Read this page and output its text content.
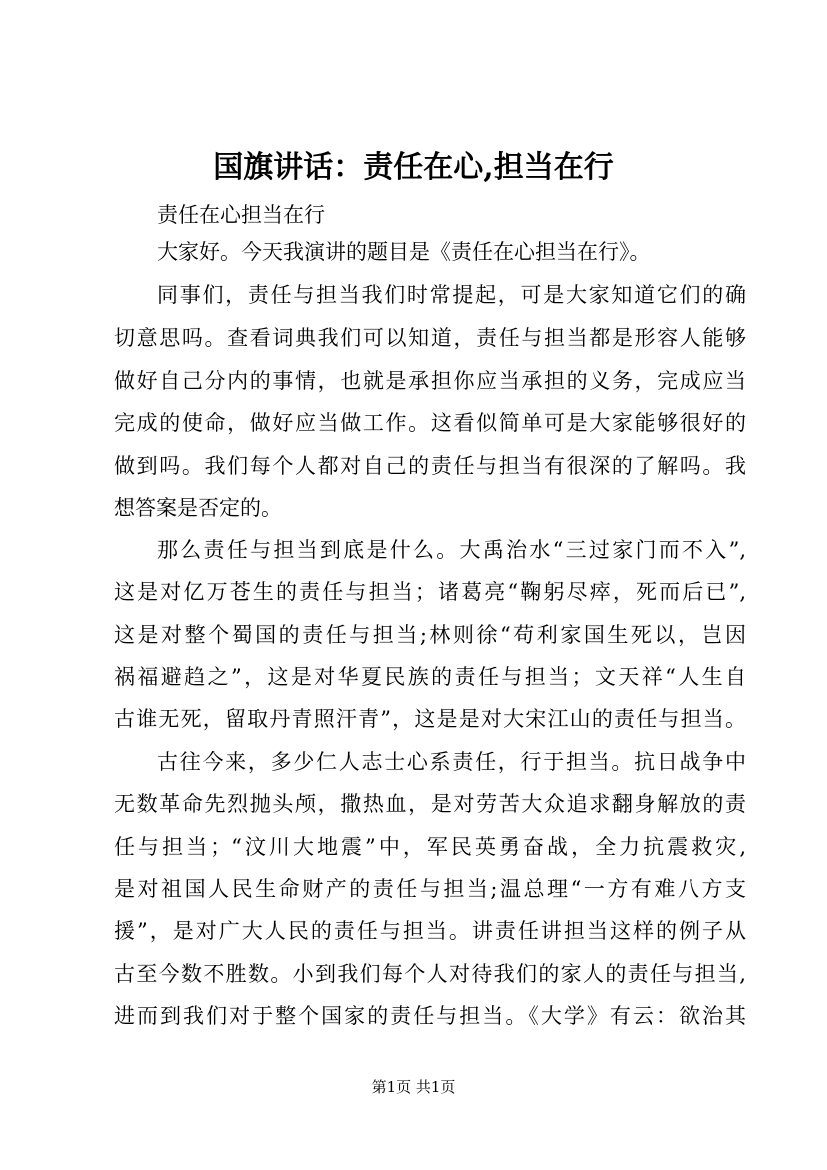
国旗讲话：责任在心,担当在行
责任在心担当在行
大家好。今天我演讲的题目是《责任在心担当在行》。
同事们，责任与担当我们时常提起，可是大家知道它们的确
切意思吗。查看词典我们可以知道，责任与担当都是形容人能够
做好自己分内的事情，也就是承担你应当承担的义务，完成应当
完成的使命，做好应当做工作。这看似简单可是大家能够很好的
做到吗。我们每个人都对自己的责任与担当有很深的了解吗。我
想答案是否定的。
那么责任与担当到底是什么。大禹治水“三过家门而不入”,
这是对亿万苍生的责任与担当；诸葛亮“鞠躬尽瘁，死而后已”,
这是对整个蜀国的责任与担当;林则徐“苟利家国生死以，岂因
祸福避趋之”，这是对华夏民族的责任与担当；文天祥“人生自
古谁无死，留取丹青照汗青”，这是是对大宋江山的责任与担当。
古往今来，多少仁人志士心系责任，行于担当。抗日战争中
无数革命先烈抛头颅，撒热血，是对劳苦大众追求翻身解放的责
任与担当；“汶川大地震”中，军民英勇奋战，全力抗震救灾,
是对祖国人民生命财产的责任与担当;温总理“一方有难八方支
援”，是对广大人民的责任与担当。讲责任讲担当这样的例子从
古至今数不胜数。小到我们每个人对待我们的家人的责任与担当,
进而到我们对于整个国家的责任与担当。《大学》有云：欲治其
第1页 共1页
